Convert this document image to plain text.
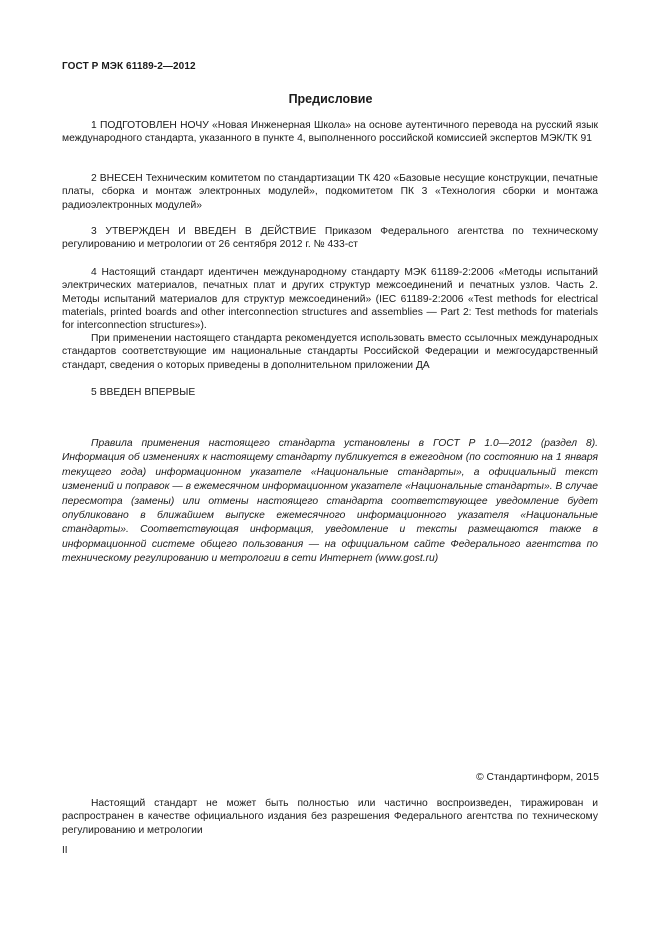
ГОСТ Р МЭК 61189-2—2012
Предисловие

1 ПОДГОТОВЛЕН НОЧУ «Новая Инженерная Школа» на основе аутентичного перевода на русский язык международного стандарта, указанного в пункте 4, выполненного российской комиссией экспертов МЭК/ТК 91

2 ВНЕСЕН Техническим комитетом по стандартизации ТК 420 «Базовые несущие конструкции, печатные платы, сборка и монтаж электронных модулей», подкомитетом ПК 3 «Технология сборки и монтажа радиоэлектронных модулей»

3 УТВЕРЖДЕН И ВВЕДЕН В ДЕЙСТВИЕ Приказом Федерального агентства по техническому регулированию и метрологии от 26 сентября 2012 г. № 433-ст

4 Настоящий стандарт идентичен международному стандарту МЭК 61189-2:2006 «Методы испытаний электрических материалов, печатных плат и других структур межсоединений и печатных узлов. Часть 2. Методы испытаний материалов для структур межсоединений» (IEC 61189-2:2006 «Test methods for electrical materials, printed boards and other interconnection structures and assemblies — Part 2: Test methods for materials for interconnection structures»).

При применении настоящего стандарта рекомендуется использовать вместо ссылочных международных стандартов соответствующие им национальные стандарты Российской Федерации и межгосударственный стандарт, сведения о которых приведены в дополнительном приложении ДА

5 ВВЕДЕН ВПЕРВЫЕ

Правила применения настоящего стандарта установлены в ГОСТ Р 1.0—2012 (раздел 8). Информация об изменениях к настоящему стандарту публикуется в ежегодном (по состоянию на 1 января текущего года) информационном указателе «Национальные стандарты», а официальный текст изменений и поправок — в ежемесячном информационном указателе «Национальные стандарты». В случае пересмотра (замены) или отмены настоящего стандарта соответствующее уведомление будет опубликовано в ближайшем выпуске ежемесячного информационного указателя «Национальные стандарты». Соответствующая информация, уведомление и тексты размещаются также в информационной системе общего пользования — на официальном сайте Федерального агентства по техническому регулированию и метрологии в сети Интернет (www.gost.ru)

© Стандартинформ, 2015

Настоящий стандарт не может быть полностью или частично воспроизведен, тиражирован и распространен в качестве официального издания без разрешения Федерального агентства по техническому регулированию и метрологии

II
